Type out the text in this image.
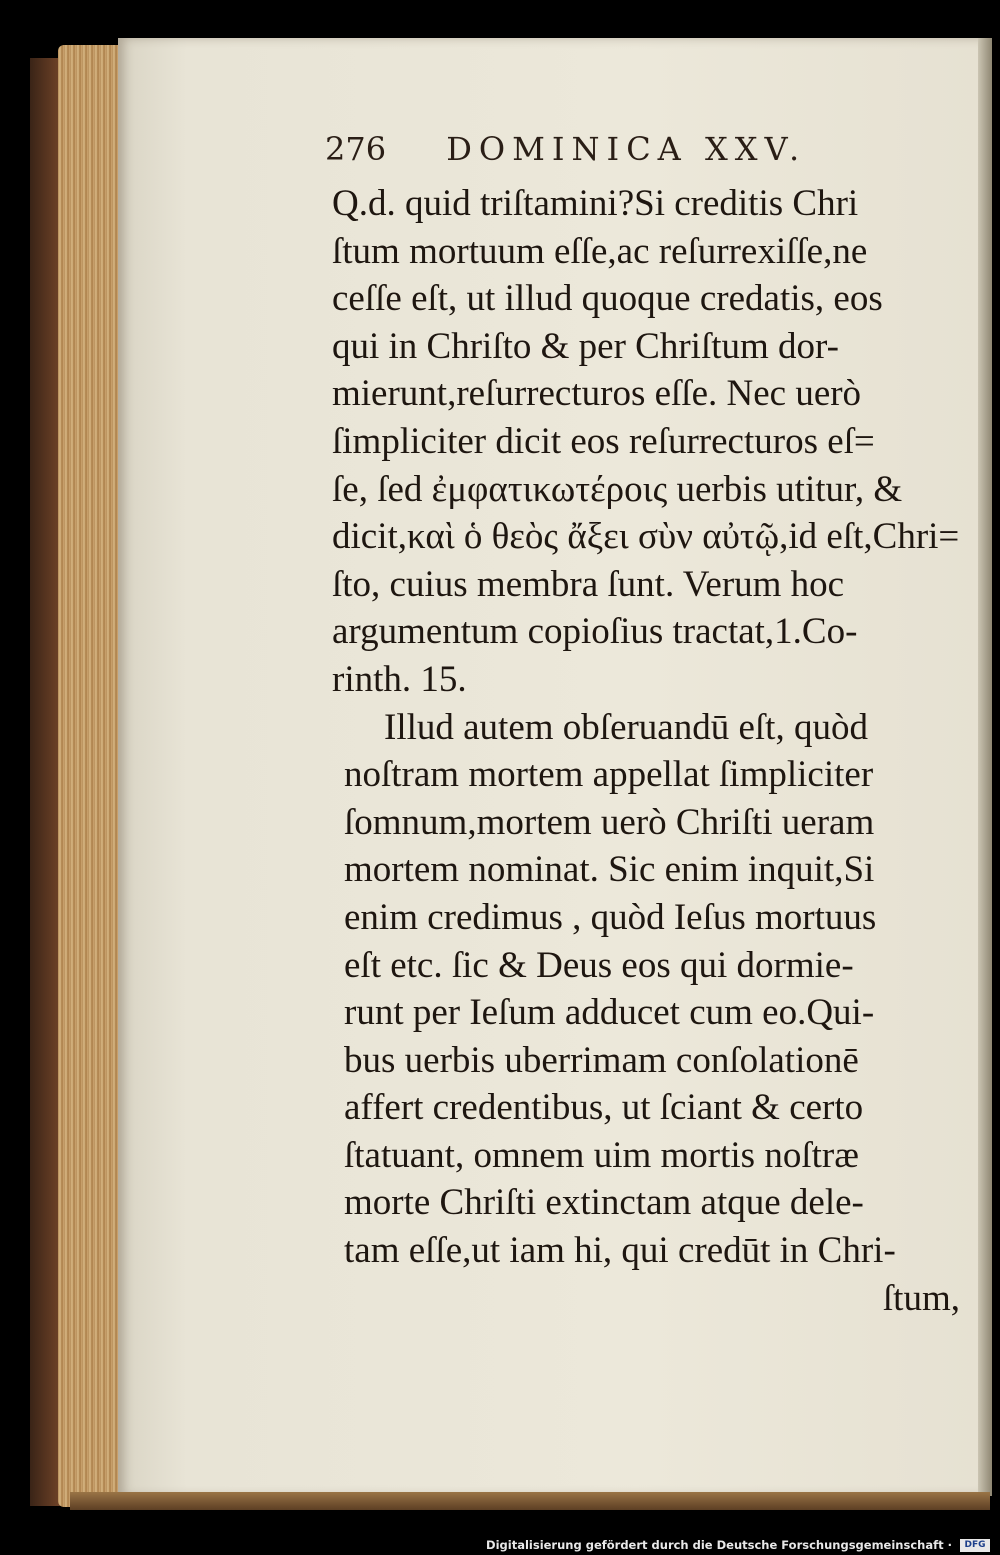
276 DOMINICA XXV.
Q.d. quid triſtamini?Si creditis Chri
ſtum mortuum eſſe,ac reſurrexiſſe,ne
ceſſe eſt, ut illud quoque credatis, eos
qui in Chriſto & per Chriſtum dor-
mierunt,reſurrecturos eſſe. Nec uerò
ſimpliciter dicit eos reſurrecturos eſ=
ſe, ſed ἐμφατικωτέροις uerbis utitur, &
dicit,καὶ ὁ θεὸς ἄξει σὺν αὐτῷ,id eſt,Chri=
ſto, cuius membra ſunt. Verum hoc
argumentum copioſius tractat,1.Co-
rinth. 15.
Illud autem obſeruandū eſt, quòd
noſtram mortem appellat ſimpliciter
ſomnum,mortem uerò Chriſti ueram
mortem nominat. Sic enim inquit,Si
enim credimus , quòd Ieſus mortuus
eſt etc. ſic & Deus eos qui dormie-
runt per Ieſum adducet cum eo.Qui-
bus uerbis uberrimam conſolationē
affert credentibus, ut ſciant & certo
ſtatuant, omnem uim mortis noſtræ
morte Chriſti extinctam atque dele-
tam eſſe,ut iam hi, qui credūt in Chri-
ſtum,
Digitalisierung gefördert durch die Deutsche Forschungsgemeinschaft · DFG
